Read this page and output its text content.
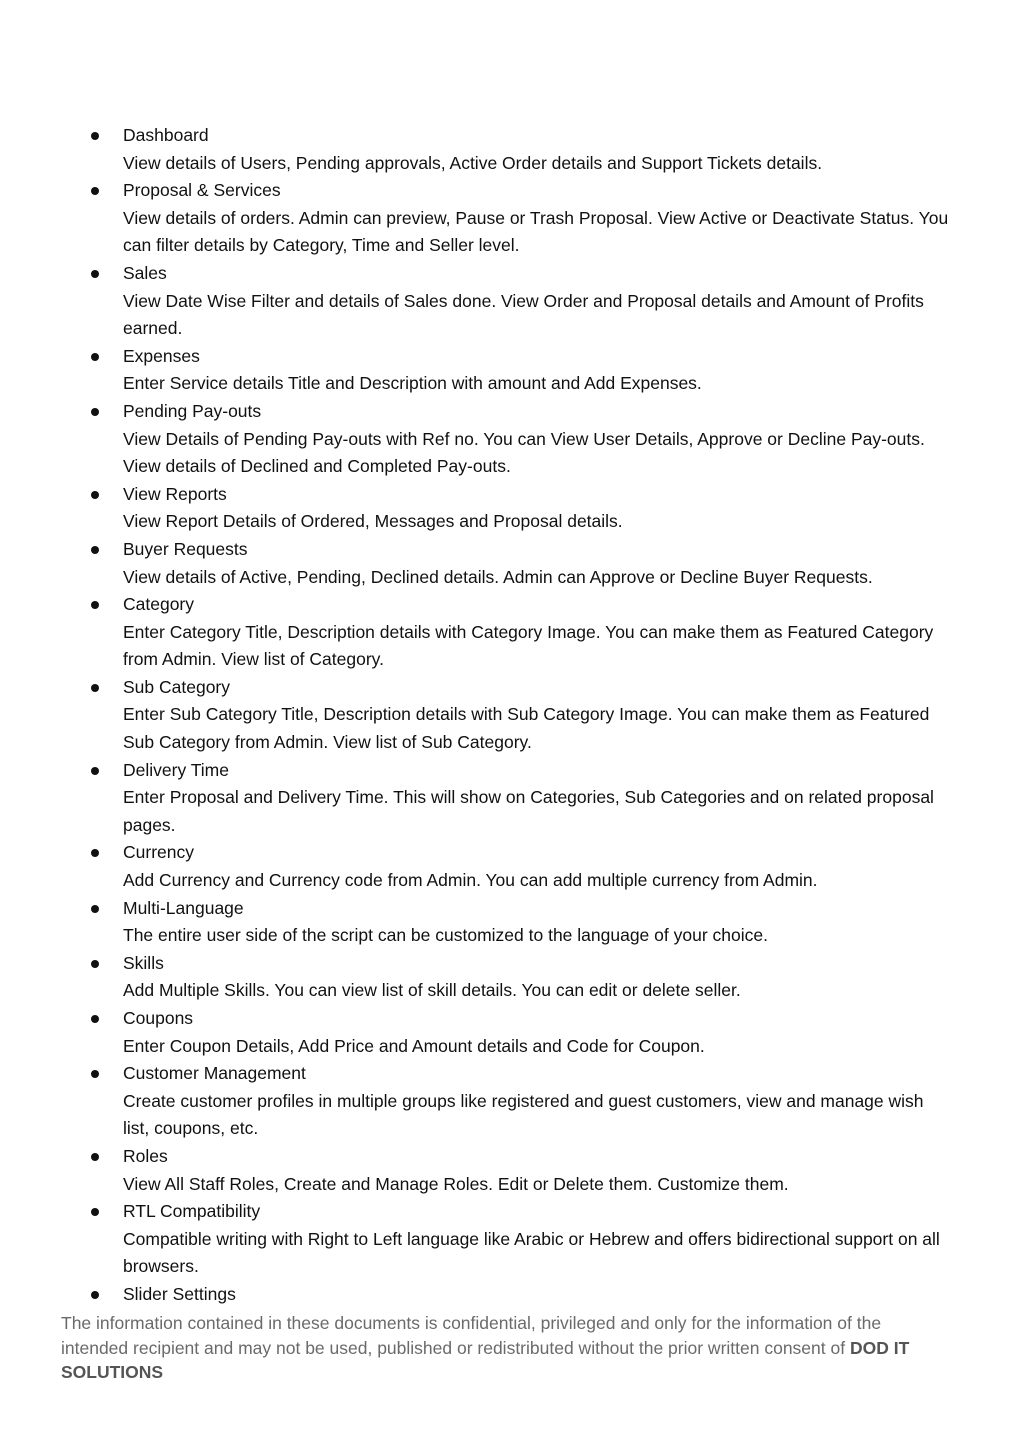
Dashboard
View details of Users, Pending approvals, Active Order details and Support Tickets details.
Proposal & Services
View details of orders. Admin can preview, Pause or Trash Proposal. View Active or Deactivate Status. You can filter details by Category, Time and Seller level.
Sales
View Date Wise Filter and details of Sales done. View Order and Proposal details and Amount of Profits earned.
Expenses
Enter Service details Title and Description with amount and Add Expenses.
Pending Pay-outs
View Details of Pending Pay-outs with Ref no. You can View User Details, Approve or Decline Pay-outs. View details of Declined and Completed Pay-outs.
View Reports
View Report Details of Ordered, Messages and Proposal details.
Buyer Requests
View details of Active, Pending, Declined details. Admin can Approve or Decline Buyer Requests.
Category
Enter Category Title, Description details with Category Image. You can make them as Featured Category from Admin. View list of Category.
Sub Category
Enter Sub Category Title, Description details with Sub Category Image. You can make them as Featured Sub Category from Admin. View list of Sub Category.
Delivery Time
Enter Proposal and Delivery Time. This will show on Categories, Sub Categories and on related proposal pages.
Currency
Add Currency and Currency code from Admin. You can add multiple currency from Admin.
Multi-Language
The entire user side of the script can be customized to the language of your choice.
Skills
Add Multiple Skills. You can view list of skill details. You can edit or delete seller.
Coupons
Enter Coupon Details, Add Price and Amount details and Code for Coupon.
Customer Management
Create customer profiles in multiple groups like registered and guest customers, view and manage wish list, coupons, etc.
Roles
View All Staff Roles, Create and Manage Roles. Edit or Delete them. Customize them.
RTL Compatibility
Compatible writing with Right to Left language like Arabic or Hebrew and offers bidirectional support on all browsers.
Slider Settings

The information contained in these documents is confidential, privileged and only for the information of the intended recipient and may not be used, published or redistributed without the prior written consent of DOD IT SOLUTIONS
